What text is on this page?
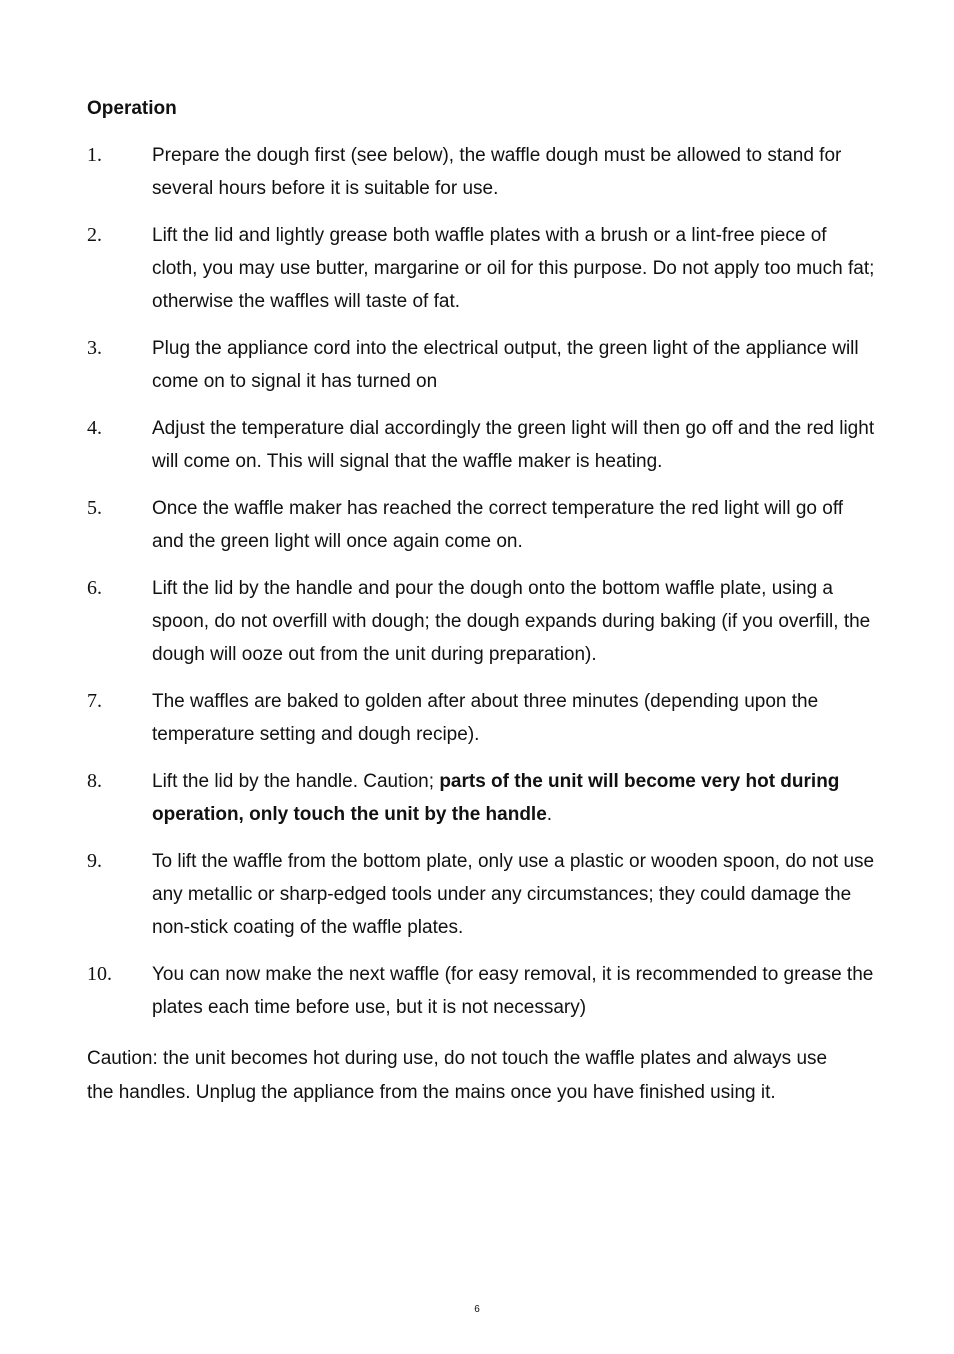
Operation
1.	Prepare the dough first (see below), the waffle dough must be allowed to stand for several hours before it is suitable for use.
2.	Lift the lid and lightly grease both waffle plates with a brush or a lint-free piece of cloth, you may use butter, margarine or oil for this purpose. Do not apply too much fat; otherwise the waffles will taste of fat.
3.	Plug the appliance cord into the electrical output, the green light of the appliance will come on to signal it has turned on
4.	Adjust the temperature dial accordingly the green light will then go off and the red light will come on. This will signal that the waffle maker is heating.
5.	Once the waffle maker has reached the correct temperature the red light will go off and the green light will once again come on.
6.	Lift the lid by the handle and pour the dough onto the bottom waffle plate, using a spoon, do not overfill with dough; the dough expands during baking (if you overfill, the dough will ooze out from the unit during preparation).
7.	The waffles are baked to golden after about three minutes (depending upon the temperature setting and dough recipe).
8.	Lift the lid by the handle. Caution; parts of the unit will become very hot during operation, only touch the unit by the handle.
9.	To lift the waffle from the bottom plate, only use a plastic or wooden spoon, do not use any metallic or sharp-edged tools under any circumstances; they could damage the non-stick coating of the waffle plates.
10. You can now make the next waffle (for easy removal, it is recommended to grease the plates each time before use, but it is not necessary)

Caution: the unit becomes hot during use, do not touch the waffle plates and always use the handles. Unplug the appliance from the mains once you have finished using it.

6
